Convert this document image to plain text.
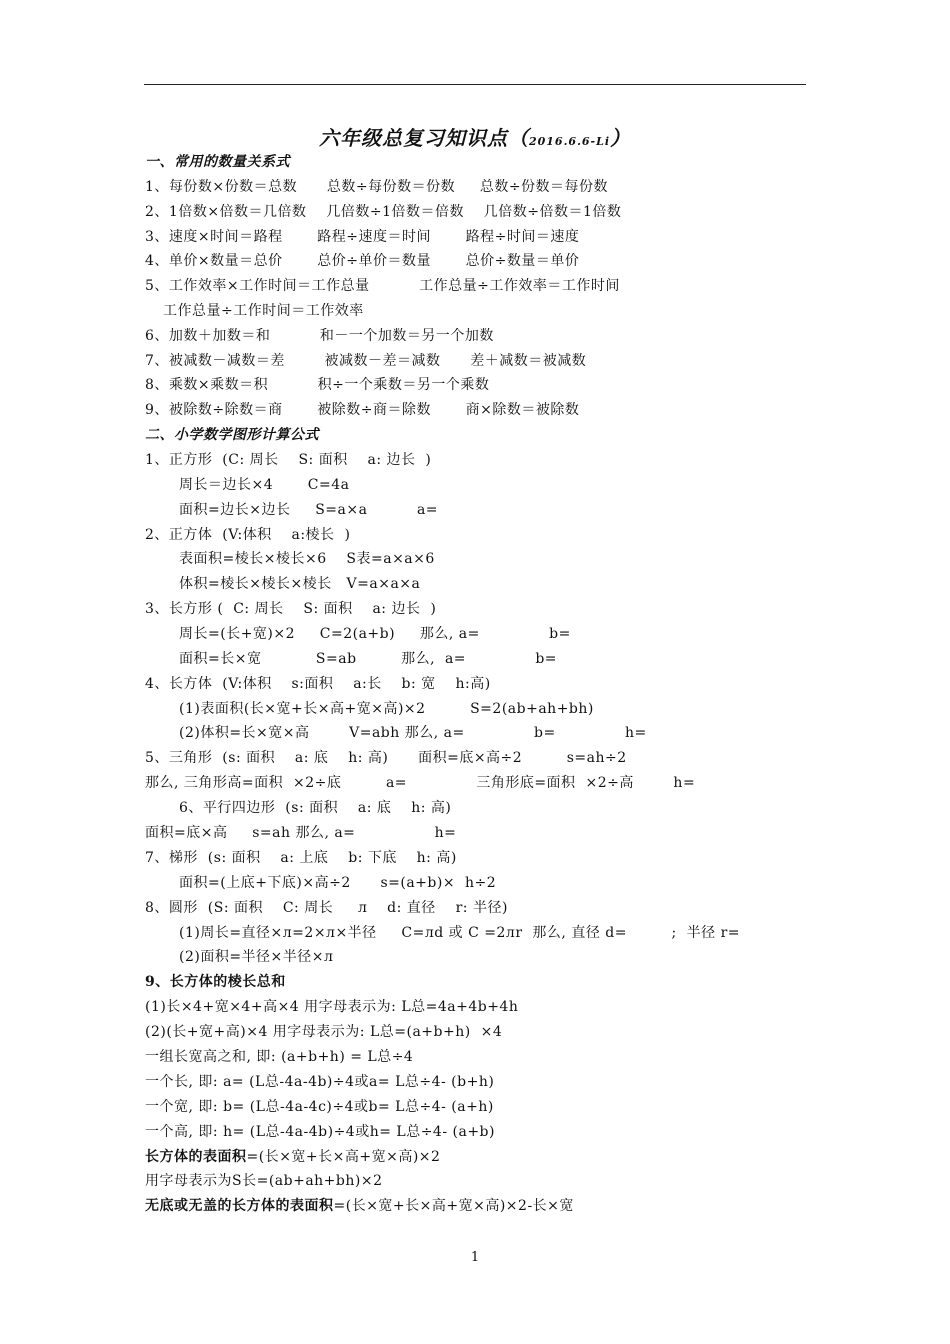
六年级总复习知识点（2016.6.6-Li）
一、常用的数量关系式
1、每份数×份数＝总数      总数÷每份数＝份数     总数÷份数＝每份数
2、1倍数×倍数＝几倍数    几倍数÷1倍数＝倍数    几倍数÷倍数＝1倍数
3、速度×时间＝路程       路程÷速度＝时间       路程÷时间＝速度
4、单价×数量＝总价       总价÷单价＝数量       总价÷数量＝单价
5、工作效率×工作时间＝工作总量          工作总量÷工作效率＝工作时间
工作总量÷工作时间＝工作效率
6、加数＋加数＝和          和－一个加数＝另一个加数
7、被减数－减数＝差        被减数－差＝减数      差＋减数＝被减数
8、乘数×乘数＝积          积÷一个乘数＝另一个乘数
9、被除数÷除数＝商       被除数÷商＝除数       商×除数＝被除数
二、小学数学图形计算公式
1、正方形  (C: 周长    S: 面积    a: 边长  )
周长＝边长×4       C=4a
面积=边长×边长     S=a×a          a=
2、正方体  (V:体积    a:棱长  )
表面积=棱长×棱长×6    S表=a×a×6
体积=棱长×棱长×棱长   V=a×a×a
3、长方形 (  C: 周长    S: 面积    a: 边长  )
周长=(长+宽)×2     C=2(a+b)     那么, a=              b=
面积=长×宽           S=ab         那么,  a=              b=
4、长方体  (V:体积    s:面积    a:长    b: 宽    h:高)
(1)表面积(长×宽+长×高+宽×高)×2         S=2(ab+ah+bh)
(2)体积=长×宽×高        V=abh 那么, a=              b=              h=
5、三角形  (s: 面积    a: 底    h: 高)      面积=底×高÷2         s=ah÷2
那么, 三角形高=面积  ×2÷底         a=              三角形底=面积  ×2÷高        h=
6、平行四边形  (s: 面积    a: 底    h: 高)
面积=底×高     s=ah 那么, a=                h=
7、梯形  (s: 面积    a: 上底    b: 下底    h: 高)
面积=(上底+下底)×高÷2      s=(a+b)×  h÷2
8、圆形  (S: 面积    C: 周长     л    d: 直径    r: 半径)
(1)周长=直径×л=2×л×半径     C=лd 或 C =2лr  那么, 直径 d=         ;  半径 r=
(2)面积=半径×半径×л
9、长方体的棱长总和
(1)长×4+宽×4+高×4 用字母表示为: L总=4a+4b+4h
(2)(长+宽+高)×4 用字母表示为: L总=(a+b+h)  ×4
一组长宽高之和, 即: (a+b+h) = L总÷4
一个长, 即: a= (L总-4a-4b)÷4或a= L总÷4- (b+h)
一个宽, 即: b= (L总-4a-4c)÷4或b= L总÷4- (a+h)
一个高, 即: h= (L总-4a-4b)÷4或h= L总÷4- (a+b)
长方体的表面积=(长×宽+长×高+宽×高)×2
用字母表示为S长=(ab+ah+bh)×2
无底或无盖的长方体的表面积=(长×宽+长×高+宽×高)×2-长×宽
1
